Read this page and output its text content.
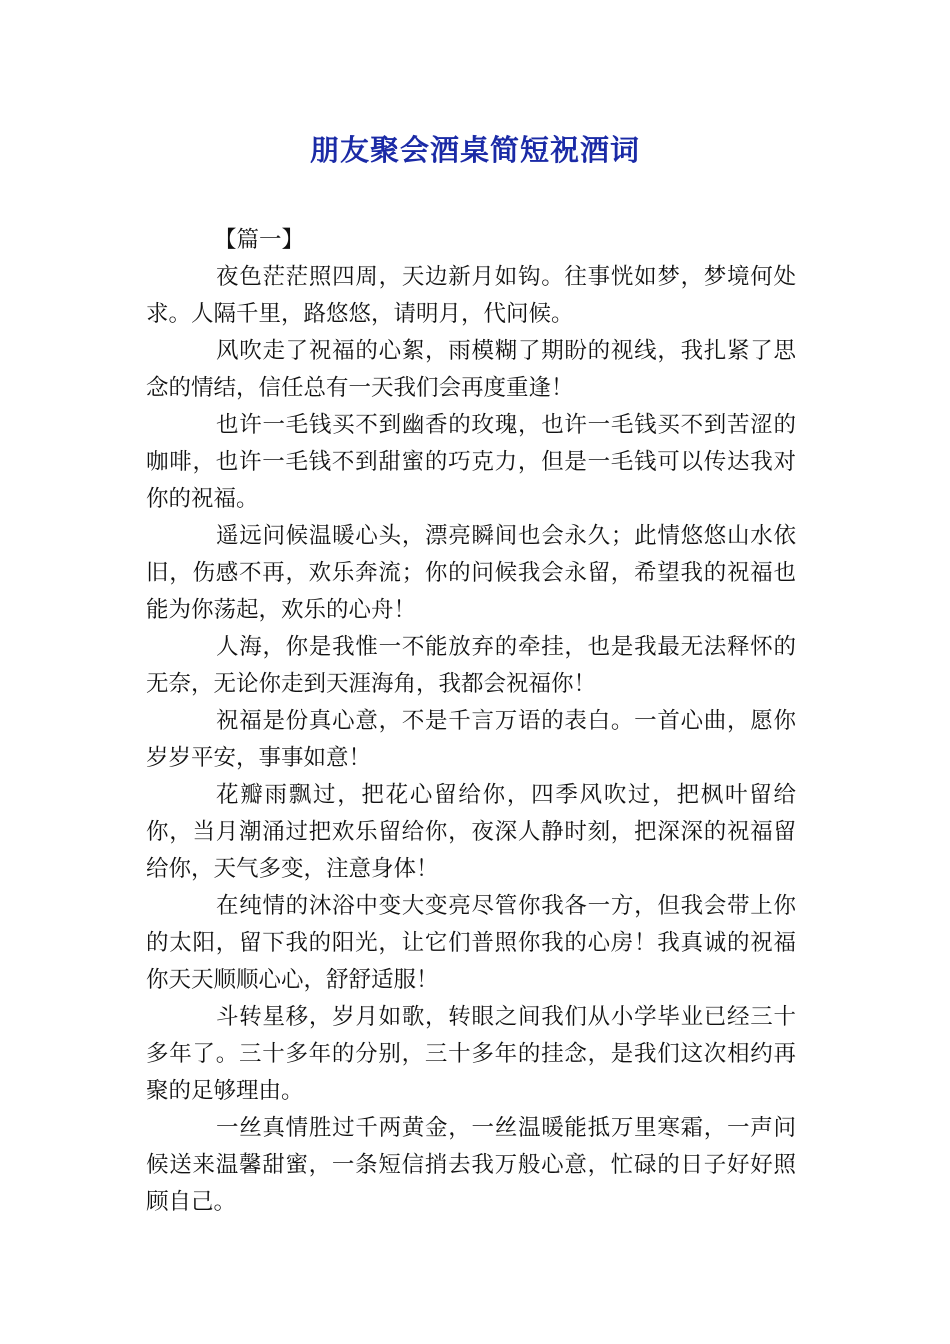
朋友聚会酒桌简短祝酒词

【篇一】

夜色茫茫照四周，天边新月如钩。往事恍如梦，梦境何处求。人隔千里，路悠悠，请明月，代问候。

风吹走了祝福的心絮，雨模糊了期盼的视线，我扎紧了思念的情结，信任总有一天我们会再度重逢！

也许一毛钱买不到幽香的玫瑰，也许一毛钱买不到苦涩的咖啡，也许一毛钱不到甜蜜的巧克力，但是一毛钱可以传达我对你的祝福。

遥远问候温暖心头，漂亮瞬间也会永久；此情悠悠山水依旧，伤感不再，欢乐奔流；你的问候我会永留，希望我的祝福也能为你荡起，欢乐的心舟！

人海，你是我惟一不能放弃的牵挂，也是我最无法释怀的无奈，无论你走到天涯海角，我都会祝福你！

祝福是份真心意，不是千言万语的表白。一首心曲，愿你岁岁平安，事事如意！

花瓣雨飘过，把花心留给你，四季风吹过，把枫叶留给你，当月潮涌过把欢乐留给你，夜深人静时刻，把深深的祝福留给你，天气多变，注意身体！

在纯情的沐浴中变大变亮尽管你我各一方，但我会带上你的太阳，留下我的阳光，让它们普照你我的心房！我真诚的祝福你天天顺顺心心，舒舒适服！

斗转星移，岁月如歌，转眼之间我们从小学毕业已经三十多年了。三十多年的分别，三十多年的挂念，是我们这次相约再聚的足够理由。

一丝真情胜过千两黄金，一丝温暖能抵万里寒霜，一声问候送来温馨甜蜜，一条短信捎去我万般心意，忙碌的日子好好照顾自己。
